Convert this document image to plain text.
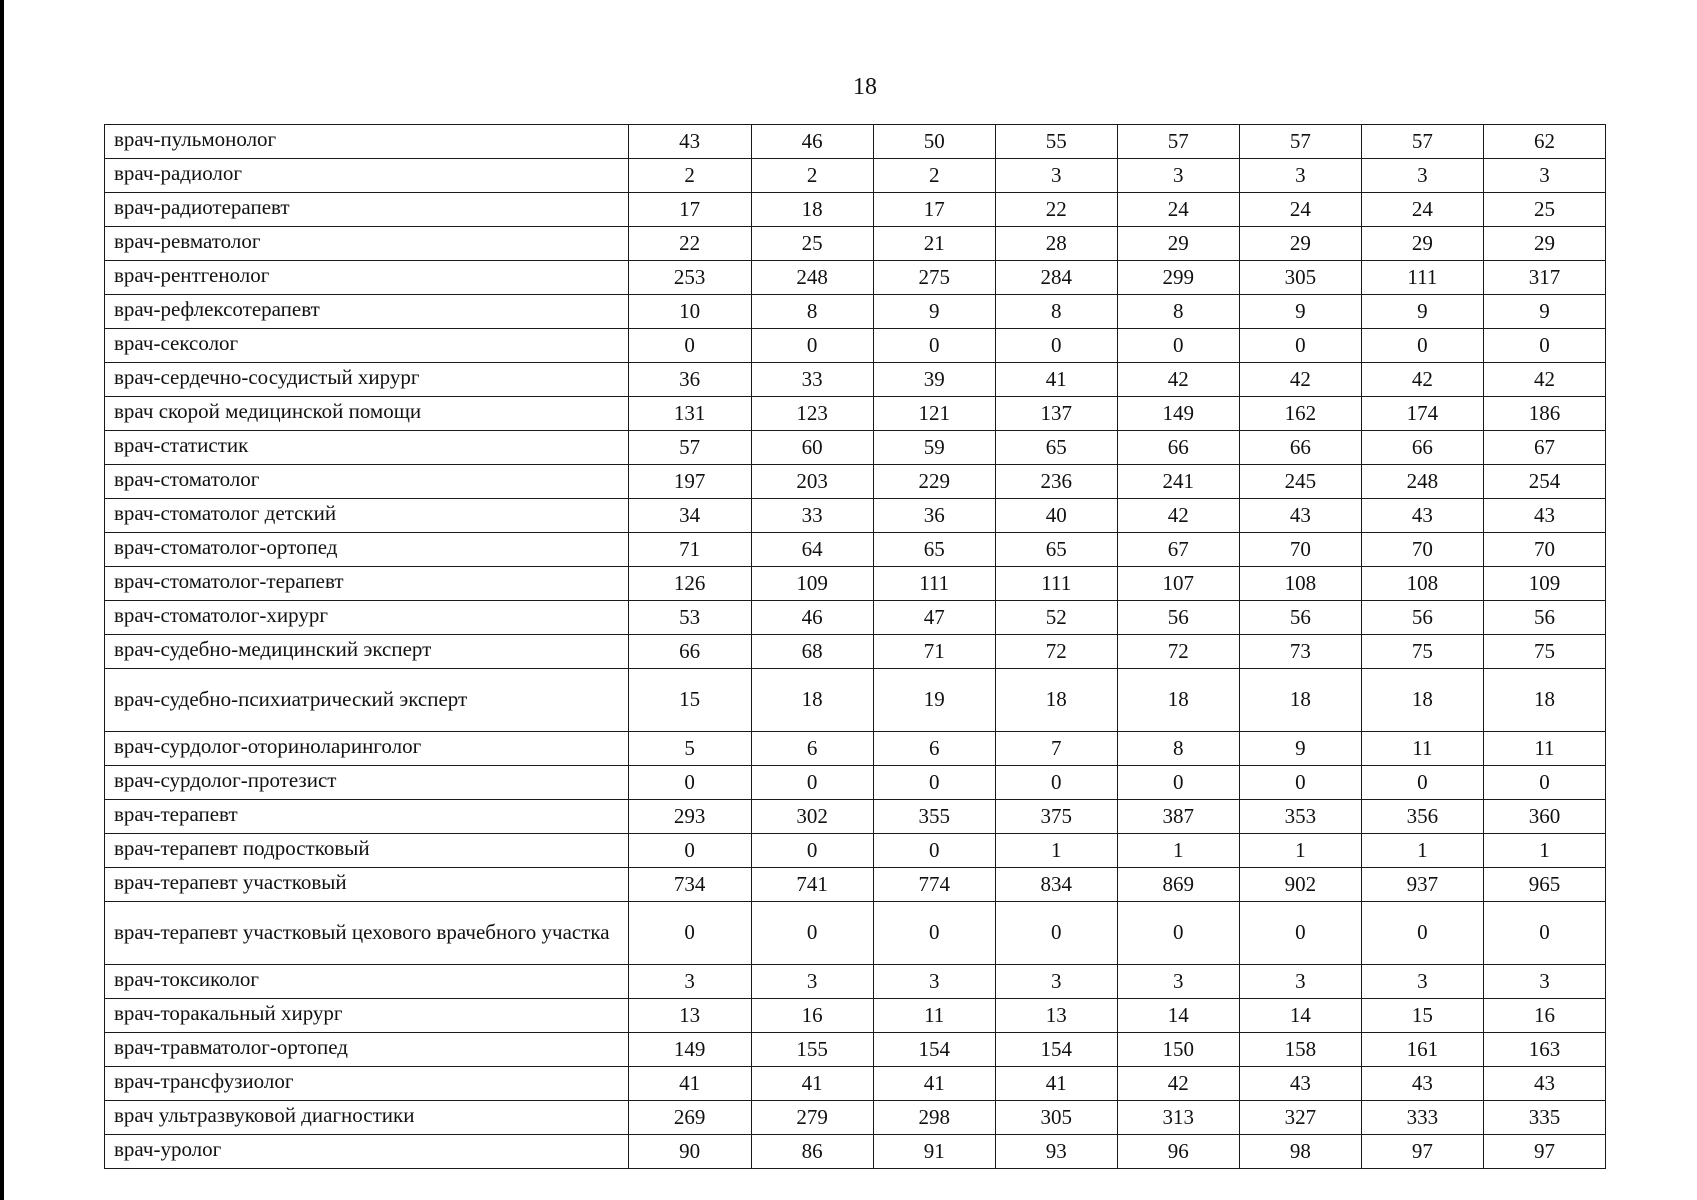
18
врач-пульмонолог	43	46	50	55	57	57	57	62
врач-радиолог	2	2	2	3	3	3	3	3
врач-радиотерапевт	17	18	17	22	24	24	24	25
врач-ревматолог	22	25	21	28	29	29	29	29
врач-рентгенолог	253	248	275	284	299	305	111	317
врач-рефлексотерапевт	10	8	9	8	8	9	9	9
врач-сексолог	0	0	0	0	0	0	0	0
врач-сердечно-сосудистый хирург	36	33	39	41	42	42	42	42
врач скорой медицинской помощи	131	123	121	137	149	162	174	186
врач-статистик	57	60	59	65	66	66	66	67
врач-стоматолог	197	203	229	236	241	245	248	254
врач-стоматолог детский	34	33	36	40	42	43	43	43
врач-стоматолог-ортопед	71	64	65	65	67	70	70	70
врач-стоматолог-терапевт	126	109	111	111	107	108	108	109
врач-стоматолог-хирург	53	46	47	52	56	56	56	56
врач-судебно-медицинский эксперт	66	68	71	72	72	73	75	75
врач-судебно-психиатрический эксперт	15	18	19	18	18	18	18	18
врач-сурдолог-оториноларинголог	5	6	6	7	8	9	11	11
врач-сурдолог-протезист	0	0	0	0	0	0	0	0
врач-терапевт	293	302	355	375	387	353	356	360
врач-терапевт подростковый	0	0	0	1	1	1	1	1
врач-терапевт участковый	734	741	774	834	869	902	937	965
врач-терапевт участковый цехового врачебного участка	0	0	0	0	0	0	0	0
врач-токсиколог	3	3	3	3	3	3	3	3
врач-торакальный хирург	13	16	11	13	14	14	15	16
врач-травматолог-ортопед	149	155	154	154	150	158	161	163
врач-трансфузиолог	41	41	41	41	42	43	43	43
врач ультразвуковой диагностики	269	279	298	305	313	327	333	335
врач-уролог	90	86	91	93	96	98	97	97
